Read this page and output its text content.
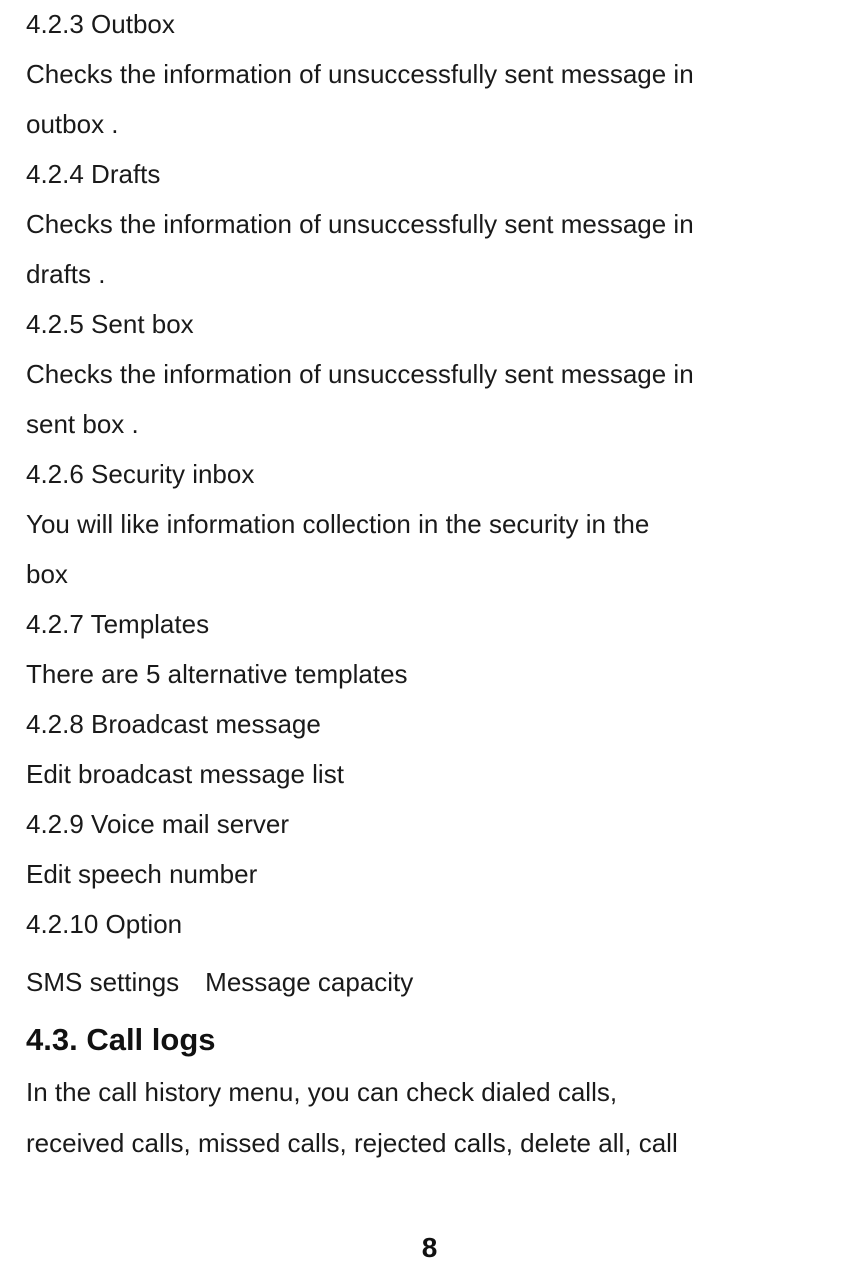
4.2.3 Outbox
Checks the information of unsuccessfully sent message in
outbox .
4.2.4 Drafts
Checks the information of unsuccessfully sent message in
drafts .
4.2.5 Sent box
Checks the information of unsuccessfully sent message in
sent box .
4.2.6 Security inbox
You will like information collection in the security in the
box
4.2.7 Templates
There are 5 alternative templates
4.2.8 Broadcast message
Edit broadcast message list
4.2.9 Voice mail server
Edit speech number
4.2.10 Option
SMS settings Message capacity
4.3. Call logs
In the call history menu, you can check dialed calls,
received calls, missed calls, rejected calls, delete all, call
8
